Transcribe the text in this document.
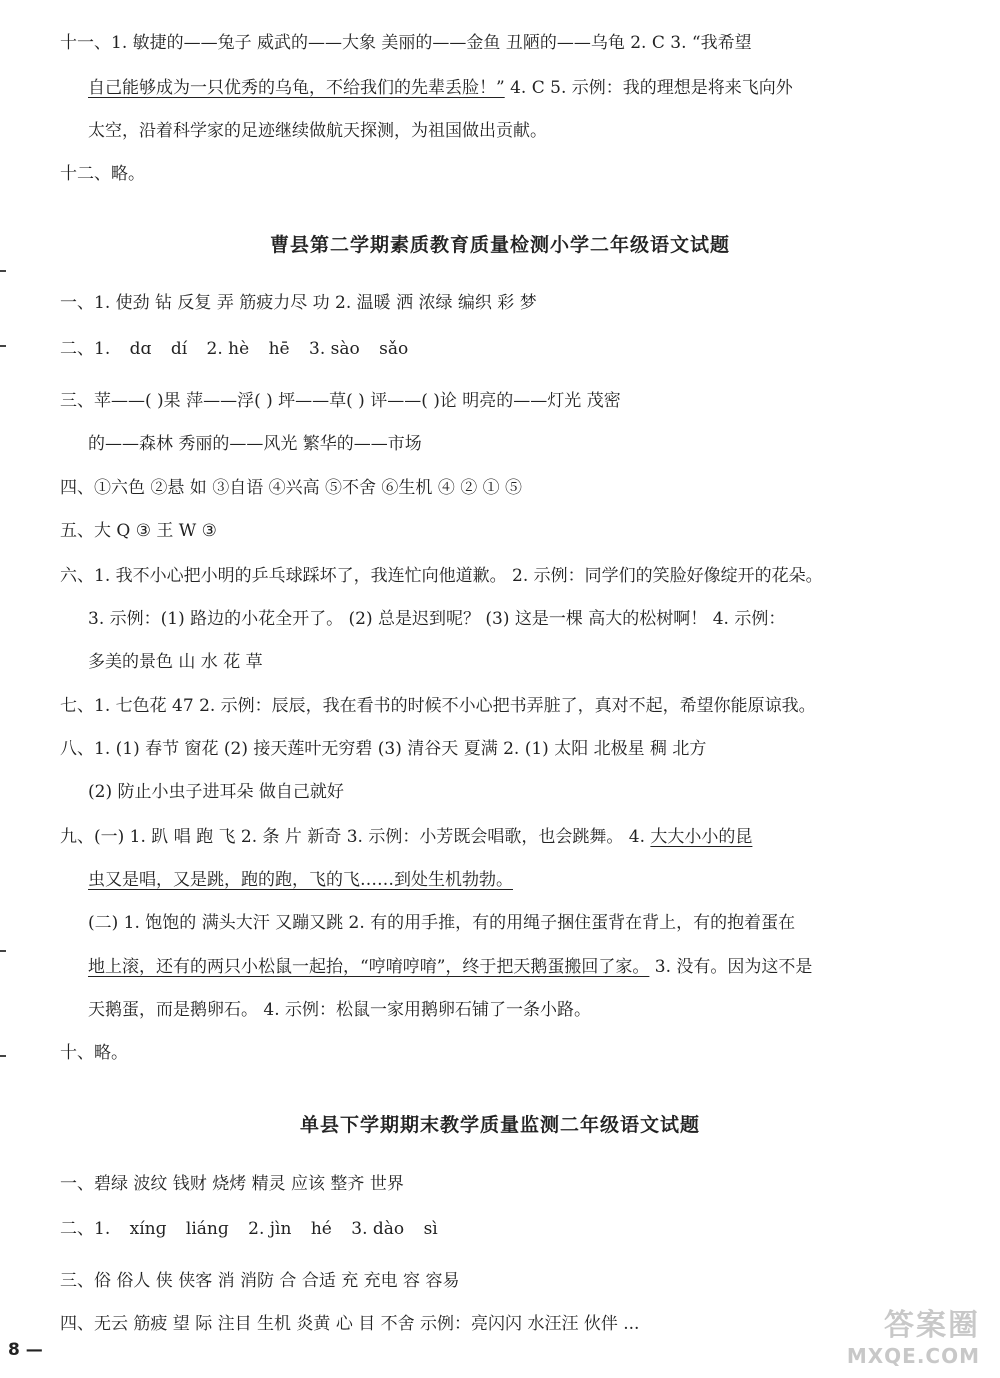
十一、1. 敏捷的——兔子 威武的——大象 美丽的——金鱼 丑陋的——乌龟 2. C 3. “我希望
自己能够成为一只优秀的乌龟，不给我们的先辈丢脸！” 4. C 5. 示例：我的理想是将来飞向外
太空，沿着科学家的足迹继续做航天探测，为祖国做出贡献。
十二、略。
曹县第二学期素质教育质量检测小学二年级语文试题
一、1. 使劲 钻 反复 弄 筋疲力尽 功 2. 温暖 洒 浓绿 编织 彩 梦
二、1. dɑ ✓ dí ✓ 2. hè ✓ hē ✓ 3. sào ✓ sǎo ✓
三、苹——( )果 萍——浮( ) 坪——草( ) 评——( )论 明亮的——灯光 茂密
的——森林 秀丽的——风光 繁华的——市场
四、①六色 ②悬 如 ③自语 ④兴高 ⑤不舍 ⑥生机 ④ ② ① ⑤
五、大 Q ③ 王 W ③
六、1. 我不小心把小明的乒乓球踩坏了，我连忙向他道歉。 2. 示例：同学们的笑脸好像绽开的花朵。
3. 示例：(1) 路边的小花全开了。 (2) 总是迟到呢？ (3) 这是一棵 高大的松树啊！ 4. 示例：
多美的景色 山 水 花 草
七、1. 七色花 47 2. 示例：辰辰，我在看书的时候不小心把书弄脏了，真对不起，希望你能原谅我。
八、1. (1) 春节 窗花 (2) 接天莲叶无穷碧 (3) 清谷天 夏满 2. (1) 太阳 北极星 稠 北方
(2) 防止小虫子进耳朵 做自己就好
九、(一) 1. 趴 唱 跑 飞 2. 条 片 新奇 3. 示例：小芳既会唱歌，也会跳舞。 4. 大大小小的昆
虫又是唱，又是跳，跑的跑，飞的飞……到处生机勃勃。
(二) 1. 饱饱的 满头大汗 又蹦又跳 2. 有的用手推，有的用绳子捆住蛋背在背上，有的抱着蛋在
地上滚，还有的两只小松鼠一起抬，“哼唷哼唷”，终于把天鹅蛋搬回了家。 3. 没有。因为这不是
天鹅蛋，而是鹅卵石。 4. 示例：松鼠一家用鹅卵石铺了一条小路。
十、略。
单县下学期期末教学质量监测二年级语文试题
一、碧绿 波纹 钱财 烧烤 精灵 应该 整齐 世界
二、1. xínɡ ✓ liánɡ ✓ 2. jìn ✓ hé ✓ 3. dào ✓ sì ✓
三、俗 俗人 侠 侠客 消 消防 合 合适 充 充电 容 容易
四、无云 筋疲 望 际 注目 生机 炎黄 心 目 不舍 示例：亮闪闪 水汪汪 伙伴 ...
8 —
答案圈
MXQE.COM
